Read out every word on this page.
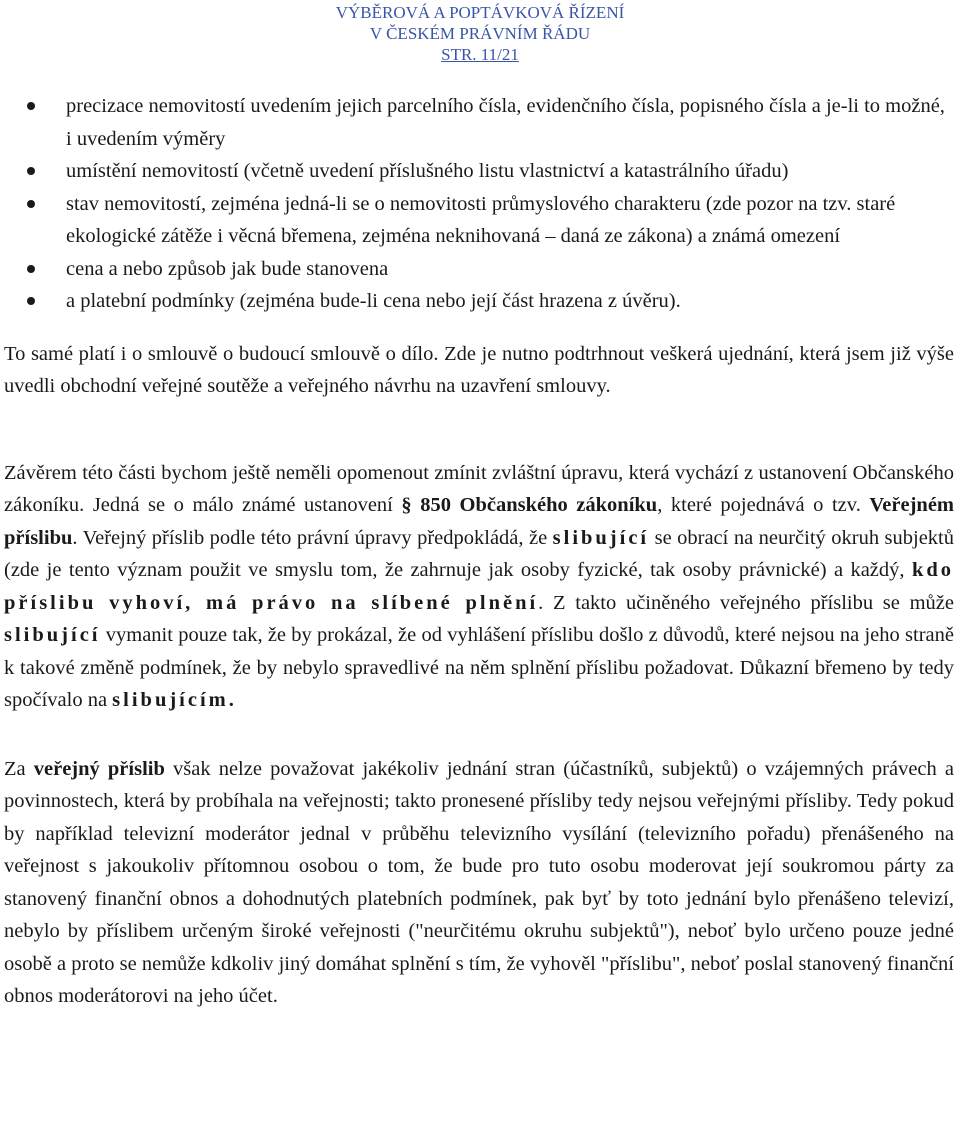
VÝBĚROVÁ A POPTÁVKOVÁ ŘÍZENÍ
V ČESKÉM PRÁVNÍM ŘÁDU
STR. 11/21
precizace nemovitostí uvedením jejich parcelního čísla, evidenčního čísla, popisného čísla a je-li to možné, i uvedením výměry
umístění nemovitostí (včetně uvedení příslušného listu vlastnictví a katastrálního úřadu)
stav nemovitostí, zejména jedná-li se o nemovitosti průmyslového charakteru (zde pozor na tzv. staré ekologické zátěže i věcná břemena, zejména neknihovaná – daná ze zákona) a známá omezení
cena a nebo způsob jak bude stanovena
a platební podmínky (zejména bude-li cena nebo její část hrazena z úvěru).

To samé platí i o smlouvě o budoucí smlouvě o dílo. Zde je nutno podtrhnout veškerá ujednání, která jsem již výše uvedli obchodní veřejné soutěže a veřejného návrhu na uzavření smlouvy.

Závěrem této části bychom ještě neměli opomenout zmínit zvláštní úpravu, která vychází z ustanovení Občanského zákoníku. Jedná se o málo známé ustanovení § 850 Občanského zákoníku, které pojednává o tzv. Veřejném příslibu. Veřejný příslib podle této právní úpravy předpokládá, že slibující se obrací na neurčitý okruh subjektů (zde je tento význam použit ve smyslu tom, že zahrnuje jak osoby fyzické, tak osoby právnické) a každý, kdo příslibu vyhoví, má právo na slíbené plnění. Z takto učiněného veřejného příslibu se může slibující vymanit pouze tak, že by prokázal, že od vyhlášení příslibu došlo z důvodů, které nejsou na jeho straně k takové změně podmínek, že by nebylo spravedlivé na něm splnění příslibu požadovat. Důkazní břemeno by tedy spočívalo na slibujícím.

Za veřejný příslib však nelze považovat jakékoliv jednání stran (účastníků, subjektů) o vzájemných právech a povinnostech, která by probíhala na veřejnosti; takto pronesené přísliby tedy nejsou veřejnými přísliby. Tedy pokud by například televizní moderátor jednal v průběhu televizního vysílání (televizního pořadu) přenášeného na veřejnost s jakoukoliv přítomnou osobou o tom, že bude pro tuto osobu moderovat její soukromou párty za stanovený finanční obnos a dohodnutých platebních podmínek, pak byť by toto jednání bylo přenášeno televizí, nebylo by příslibem určeným široké veřejnosti ("neurčitému okruhu subjektů"), neboť bylo určeno pouze jedné osobě a proto se nemůže kdkoliv jiný domáhat splnění s tím, že vyhověl "příslibu", neboť poslal stanovený finanční obnos moderátorovi na jeho účet.
